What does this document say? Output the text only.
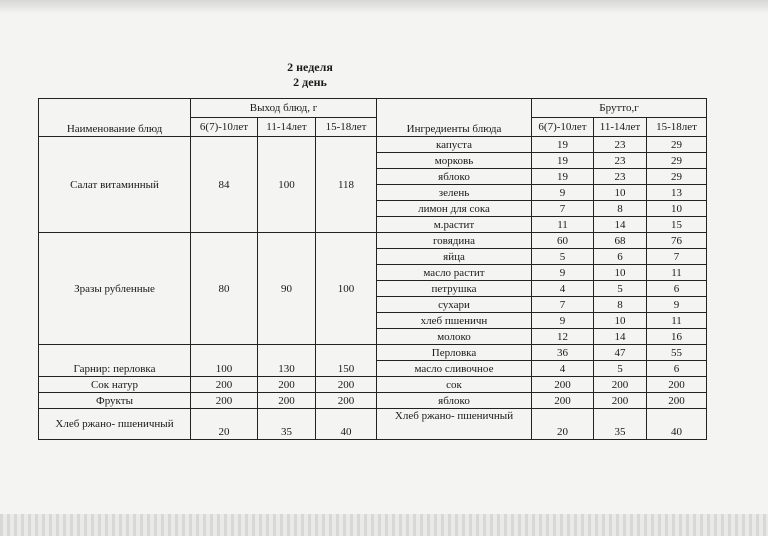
2 неделя
2 день
Наименование блюд	Выход блюд, г			Ингредиенты блюда	Брутто,г		
	6(7)-10лет	11-14лет	15-18лет		6(7)-10лет	11-14лет	15-18лет
Салат витаминный	84	100	118	капуста	19	23	29
				морковь	19	23	29
				яблоко	19	23	29
				зелень	9	10	13
				лимон для сока	7	8	10
				м.растит	11	14	15
Зразы рубленные	80	90	100	говядина	60	68	76
				яйца	5	6	7
				масло растит	9	10	11
				петрушка	4	5	6
				сухари	7	8	9
				хлеб пшеничн	9	10	11
				молоко	12	14	16
Гарнир: перловка	100	130	150	Перловка	36	47	55
				масло сливочное	4	5	6
Сок натур	200	200	200	сок	200	200	200
Фрукты	200	200	200	яблоко	200	200	200
Хлеб ржано- пшеничный	20	35	40	Хлеб ржано- пшеничный	20	35	40
